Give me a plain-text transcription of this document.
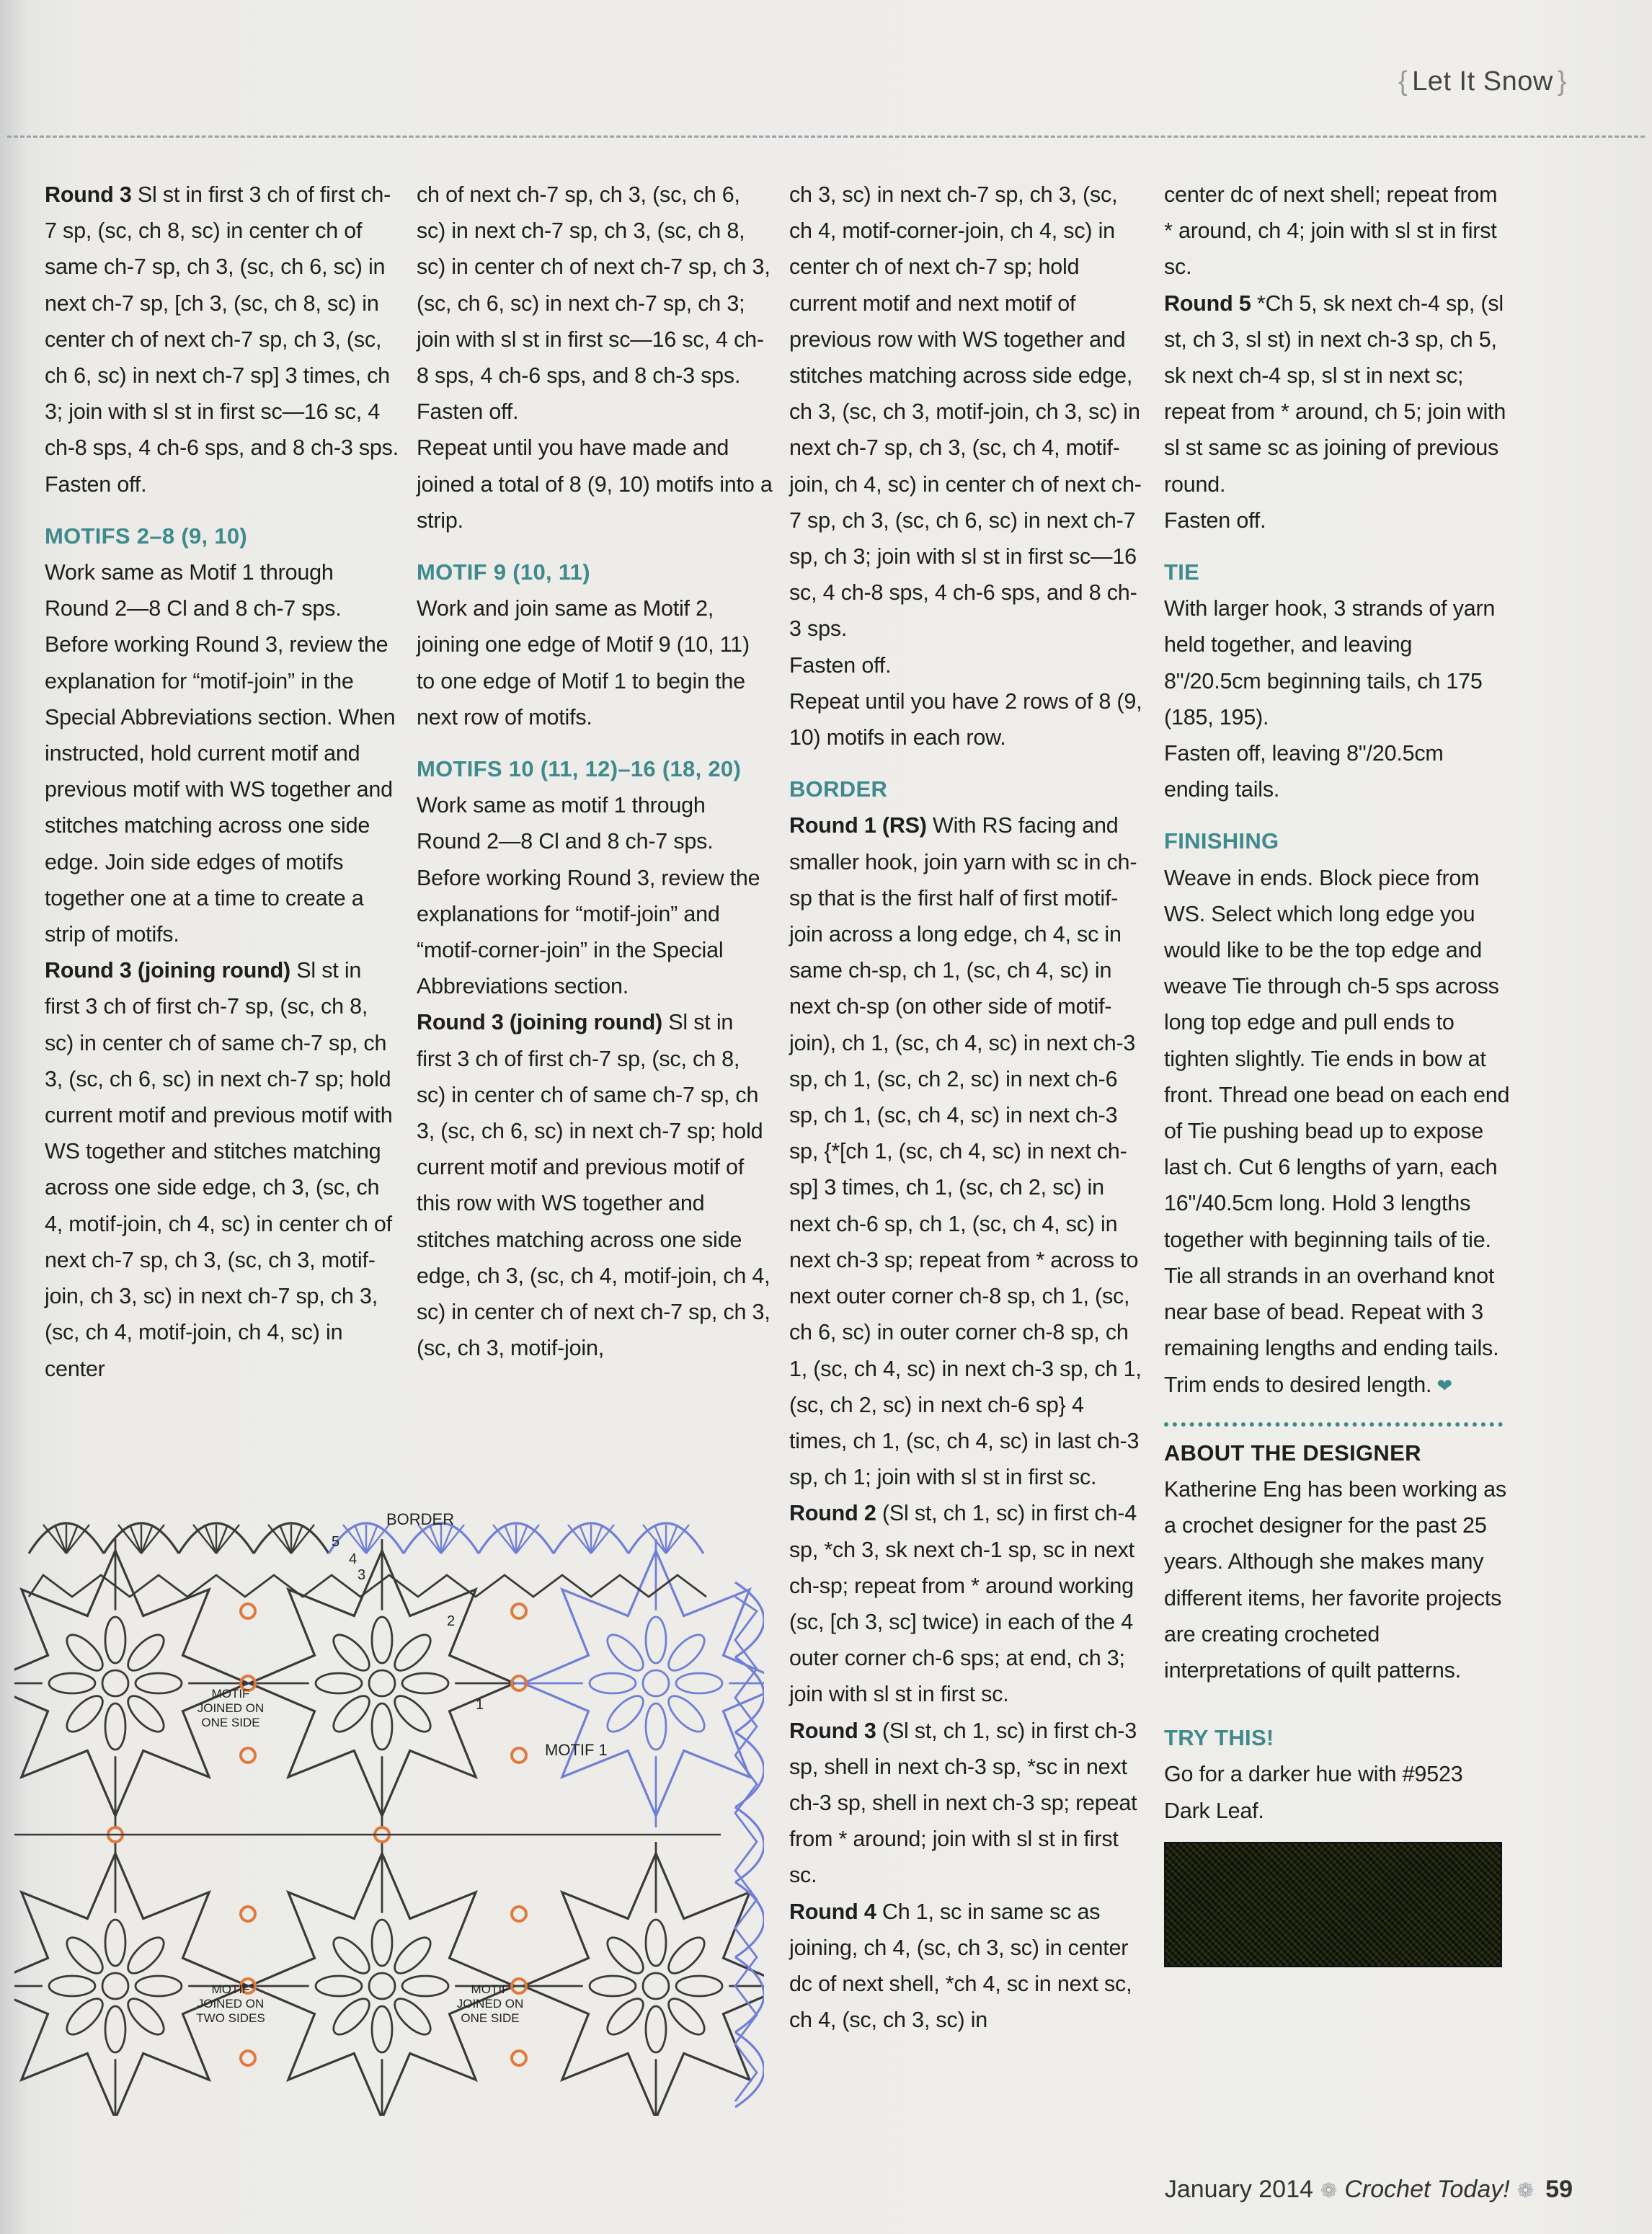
{ Let It Snow }

Round 3 Sl st in first 3 ch of first ch-7 sp, (sc, ch 8, sc) in center ch of same ch-7 sp, ch 3, (sc, ch 6, sc) in next ch-7 sp, [ch 3, (sc, ch 8, sc) in center ch of next ch-7 sp, ch 3, (sc, ch 6, sc) in next ch-7 sp] 3 times, ch 3; join with sl st in first sc—16 sc, 4 ch-8 sps, 4 ch-6 sps, and 8 ch-3 sps.

Fasten off.

MOTIFS 2–8 (9, 10)

Work same as Motif 1 through Round 2—8 Cl and 8 ch-7 sps. Before working Round 3, review the explanation for “motif-join” in the Special Abbreviations section. When instructed, hold current motif and previous motif with WS together and stitches matching across one side edge. Join side edges of motifs together one at a time to create a strip of motifs.

Round 3 (joining round) Sl st in first 3 ch of first ch-7 sp, (sc, ch 8, sc) in center ch of same ch-7 sp, ch 3, (sc, ch 6, sc) in next ch-7 sp; hold current motif and previous motif with WS together and stitches matching across one side edge, ch 3, (sc, ch 4, motif-join, ch 4, sc) in center ch of next ch-7 sp, ch 3, (sc, ch 3, motif-join, ch 3, sc) in next ch-7 sp, ch 3, (sc, ch 4, motif-join, ch 4, sc) in center

ch of next ch-7 sp, ch 3, (sc, ch 6, sc) in next ch-7 sp, ch 3, (sc, ch 8, sc) in center ch of next ch-7 sp, ch 3, (sc, ch 6, sc) in next ch-7 sp, ch 3; join with sl st in first sc—16 sc, 4 ch-8 sps, 4 ch-6 sps, and 8 ch-3 sps.

Fasten off.

Repeat until you have made and joined a total of 8 (9, 10) motifs into a strip.

MOTIF 9 (10, 11)

Work and join same as Motif 2, joining one edge of Motif 9 (10, 11) to one edge of Motif 1 to begin the next row of motifs.

MOTIFS 10 (11, 12)–16 (18, 20)

Work same as motif 1 through Round 2—8 Cl and 8 ch-7 sps. Before working Round 3, review the explanations for “motif-join” and “motif-corner-join” in the Special Abbreviations section.

Round 3 (joining round) Sl st in first 3 ch of first ch-7 sp, (sc, ch 8, sc) in center ch of same ch-7 sp, ch 3, (sc, ch 6, sc) in next ch-7 sp; hold current motif and previous motif of this row with WS together and stitches matching across one side edge, ch 3, (sc, ch 4, motif-join, ch 4, sc) in center ch of next ch-7 sp, ch 3, (sc, ch 3, motif-join,

ch 3, sc) in next ch-7 sp, ch 3, (sc, ch 4, motif-corner-join, ch 4, sc) in center ch of next ch-7 sp; hold current motif and next motif of previous row with WS together and stitches matching across side edge, ch 3, (sc, ch 3, motif-join, ch 3, sc) in next ch-7 sp, ch 3, (sc, ch 4, motif-join, ch 4, sc) in center ch of next ch-7 sp, ch 3, (sc, ch 6, sc) in next ch-7 sp, ch 3; join with sl st in first sc—16 sc, 4 ch-8 sps, 4 ch-6 sps, and 8 ch-3 sps.

Fasten off.

Repeat until you have 2 rows of 8 (9, 10) motifs in each row.

BORDER

Round 1 (RS) With RS facing and smaller hook, join yarn with sc in ch-sp that is the first half of first motif-join across a long edge, ch 4, sc in same ch-sp, ch 1, (sc, ch 4, sc) in next ch-sp (on other side of motif-join), ch 1, (sc, ch 4, sc) in next ch-3 sp, ch 1, (sc, ch 2, sc) in next ch-6 sp, ch 1, (sc, ch 4, sc) in next ch-3 sp, {*[ch 1, (sc, ch 4, sc) in next ch-sp] 3 times, ch 1, (sc, ch 2, sc) in next ch-6 sp, ch 1, (sc, ch 4, sc) in next ch-3 sp; repeat from * across to next outer corner ch-8 sp, ch 1, (sc, ch 6, sc) in outer corner ch-8 sp, ch 1, (sc, ch 4, sc) in next ch-3 sp, ch 1, (sc, ch 2, sc) in next ch-6 sp} 4 times, ch 1, (sc, ch 4, sc) in last ch-3 sp, ch 1; join with sl st in first sc.

Round 2 (Sl st, ch 1, sc) in first ch-4 sp, *ch 3, sk next ch-1 sp, sc in next ch-sp; repeat from * around working (sc, [ch 3, sc] twice) in each of the 4 outer corner ch-6 sps; at end, ch 3; join with sl st in first sc.

Round 3 (Sl st, ch 1, sc) in first ch-3 sp, shell in next ch-3 sp, *sc in next ch-3 sp, shell in next ch-3 sp; repeat from * around; join with sl st in first sc.

Round 4 Ch 1, sc in same sc as joining, ch 4, (sc, ch 3, sc) in center dc of next shell, *ch 4, sc in next sc, ch 4, (sc, ch 3, sc) in

center dc of next shell; repeat from * around, ch 4; join with sl st in first sc.

Round 5 *Ch 5, sk next ch-4 sp, (sl st, ch 3, sl st) in next ch-3 sp, ch 5, sk next ch-4 sp, sl st in next sc; repeat from * around, ch 5; join with sl st same sc as joining of previous round.

Fasten off.

TIE

With larger hook, 3 strands of yarn held together, and leaving 8"/20.5cm beginning tails, ch 175 (185, 195).

Fasten off, leaving 8"/20.5cm ending tails.

FINISHING

Weave in ends. Block piece from WS. Select which long edge you would like to be the top edge and weave Tie through ch-5 sps across long top edge and pull ends to tighten slightly. Tie ends in bow at front. Thread one bead on each end of Tie pushing bead up to expose last ch. Cut 6 lengths of yarn, each 16"/40.5cm long. Hold 3 lengths together with beginning tails of tie. Tie all strands in an overhand knot near base of bead. Repeat with 3 remaining lengths and ending tails. Trim ends to desired length. ❤

ABOUT THE DESIGNER

Katherine Eng has been working as a crochet designer for the past 25 years. Although she makes many different items, her favorite projects are creating crocheted interpretations of quilt patterns.

TRY THIS!

Go for a darker hue with #9523 Dark Leaf.

BORDER
MOTIF 1
5
4
3
2
1
MOTIF JOINED ON ONE SIDE
MOTIF JOINED ON TWO SIDES
MOTIF JOINED ON ONE SIDE
January 2014 ❁ Crochet Today! ❁ 59
